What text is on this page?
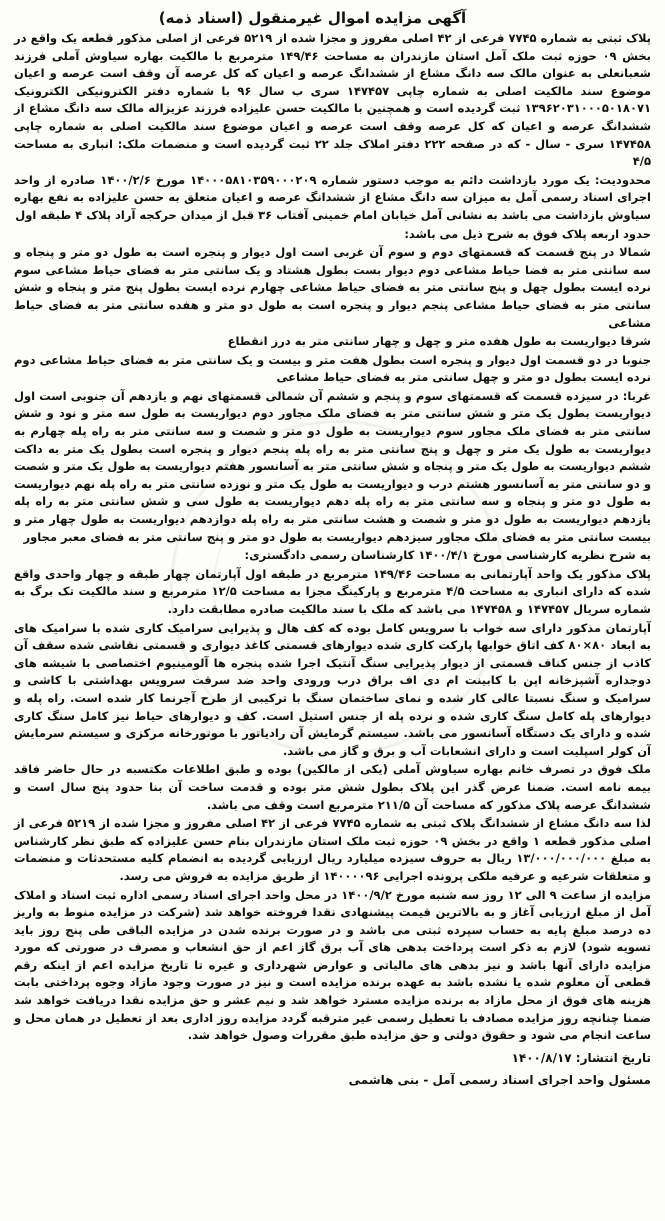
آگهی مزایده اموال غیرمنقول (اسناد ذمه)

پلاک ثبتی به شماره ۷۷۴۵ فرعی از ۴۲ اصلی مفروز و مجزا شده از ۵۲۱۹ فرعی از اصلی مذکور قطعه یک واقع در بخش ۰۹ حوزه ثبت ملک آمل استان مازندران به مساحت ۱۴۹/۴۶ مترمربع با مالکیت بهاره سیاوش آملی فرزند شعبانعلی به عنوان مالک سه دانگ مشاع از ششدانگ عرصه و اعیان که کل عرصه آن وقف است عرصه و اعیان موضوع سند مالکیت اصلی به شماره چاپی ۱۴۷۴۵۷ سری ب سال ۹۶ با شماره دفتر الکترونیکی الکترونیک ۱۳۹۶۲۰۳۱۰۰۰۵۰۱۸۰۷۱ ثبت گردیده است و همچنین با مالکیت حسن علیزاده فرزند عزیزاله مالک سه دانگ مشاع از ششدانگ عرصه و اعیان که کل عرصه وقف است عرصه و اعیان موضوع سند مالکیت اصلی به شماره چاپی ۱۴۷۴۵۸ سری - سال - که در صفحه ۲۲۲ دفتر املاک جلد ۲۲ ثبت گردیده است و منضمات ملک: انباری به مساحت ۴/۵

محدودیت: یک مورد بازداشت دائم به موجب دستور شماره ۱۴۰۰۰۵۸۱۰۳۵۹۰۰۰۲۰۹ مورخ ۱۴۰۰/۲/۶ صادره از واحد اجرای اسناد رسمی آمل به میزان سه دانگ مشاع از ششدانگ عرصه و اعیان متعلق به حسن علیزاده به نفع بهاره سیاوش بازداشت می باشد به نشانی آمل خیابان امام خمینی آفتاب ۳۶ قبل از میدان حرکجه آراد پلاک ۴ طبقه اول

حدود اربعه پلاک فوق به شرح ذیل می باشد:

شمالا در پنج قسمت که قسمتهای دوم و سوم آن غربی است اول دیوار و پنجره است به طول دو متر و پنجاه و سه سانتی متر به فضا حیاط مشاعی دوم دیوار بست بطول هشتاد و یک سانتی متر به فضای حیاط مشاعی سوم نرده ایست بطول چهل و پنج سانتی متر به فضای حیاط مشاعی چهارم نرده ایست بطول پنج متر و پنجاه و شش سانتی متر به فضای حیاط مشاعی پنجم دیوار و پنجره است به طول دو متر و هفده سانتی متر به فضای حیاط مشاعی

شرقا دیواریست به طول هفده متر و چهل و چهار سانتی متر به درز انقطاع

جنوبا در دو قسمت اول دیوار و پنجره است بطول هفت متر و بیست و یک سانتی متر به فضای حیاط مشاعی دوم نرده ایست بطول دو متر و چهل سانتی متر به فضای حیاط مشاعی

غربا: در سیزده قسمت که قسمتهای سوم و پنجم و ششم آن شمالی قسمتهای نهم و یازدهم آن جنوبی است اول دیواریست بطول یک متر و شش سانتی متر به فضای ملک مجاور دوم دیواریست به طول سه متر و نود و شش سانتی متر به فضای ملک مجاور سوم دیواریست به طول دو متر و شصت و سه سانتی متر به راه پله چهارم به دیواریست به طول یک متر و چهل و پنج سانتی متر به راه پله پنجم دیوار و پنجره است بطول یک متر به داکت ششم دیواریست به طول یک متر و پنجاه و شش سانتی متر به آسانسور هفتم دیواریست به طول یک متر و شصت و دو سانتی متر به آسانسور هشتم درب و دیواریست به طول یک متر و نوزده سانتی متر به راه پله نهم دیواریست به طول دو متر و پنجاه و سه سانتی متر به راه پله دهم دیواریست به طول سی و شش سانتی متر به راه پله یازدهم دیواریست به طول دو متر و شصت و هشت سانتی متر به راه پله دوازدهم دیواریست به طول چهار متر و بیست سانتی متر به فضای ملک مجاور سیزدهم دیواریست به طول دو متر و پنج سانتی متر به فضای معبر مجاور

به شرح نظریه کارشناسی مورخ ۱۴۰۰/۴/۱ کارشناسان رسمی دادگستری:

پلاک مذکور یک واحد آپارتمانی به مساحت ۱۴۹/۴۶ مترمربع در طبقه اول آپارتمان چهار طبقه و چهار واحدی واقع شده که دارای انباری به مساحت ۴/۵ مترمربع و پارکینگ مجزا به مساحت ۱۲/۵ مترمربع و سند مالکیت تک برگ به شماره سریال ۱۴۷۴۵۷ و ۱۴۷۴۵۸ می باشد که ملک با سند مالکیت صادره مطابقت دارد.

آپارتمان مذکور دارای سه خواب با سرویس کامل بوده که کف هال و پذیرایی سرامیک کاری شده با سرامیک های به ابعاد ۸۰×۸۰ کف اتاق خوابها پارکت کاری شده دیوارهای قسمتی کاغذ دیواری و قسمتی نقاشی شده سقف آن کاذب از جنس کناف قسمتی از دیوار پذیرایی سنگ آنتیک اجرا شده پنجره ها آلومینیوم اختصاصی با شیشه های دوجداره آشپزخانه اپن با کابینت ام دی اف براق درب ورودی واحد ضد سرقت سرویس بهداشتی با کاشی و سرامیک و سنگ نسبتا عالی کار شده و نمای ساختمان سنگ با ترکیبی از طرح آجرنما کار شده است. راه پله و دیوارهای پله کامل سنگ کاری شده و نرده پله از جنس استیل است. کف و دیوارهای حیاط نیز کامل سنگ کاری شده و دارای یک دستگاه آسانسور می باشد. سیستم گرمایش آن رادیاتور با موتورخانه مرکزی و سیستم سرمایش آن کولر اسپلیت است و دارای انشعابات آب و برق و گاز می باشد.

ملک فوق در تصرف خانم بهاره سیاوش آملی (یکی از مالکین) بوده و طبق اطلاعات مکتسبه در حال حاضر فاقد بیمه نامه است. ضمنا عرض گذر این پلاک بطول شش متر بوده و قدمت ساخت آن بنا حدود پنج سال است و ششدانگ عرصه پلاک مذکور که مساحت آن ۲۱۱/۵ مترمربع است وقف می باشد.

لذا سه دانگ مشاع از ششدانگ پلاک ثبتی به شماره ۷۷۴۵ فرعی از ۴۲ اصلی مفروز و مجزا شده از ۵۲۱۹ فرعی از اصلی مذکور قطعه ۱ واقع در بخش ۰۹ حوزه ثبت ملک استان مازندران بنام حسن علیزاده که طبق نظر کارشناس به مبلغ ۱۳/۰۰۰/۰۰۰/۰۰۰ ریال به حروف سیزده میلیارد ریال ارزیابی گردیده به انضمام کلیه مستحدثات و منضمات و متعلقات شرعیه و عرفیه ملکی پرونده اجرایی ۱۴۰۰۰۰۹۶ از طریق مزایده به فروش می رسد.

مزایده از ساعت ۹ الی ۱۲ روز سه شنبه مورخ ۱۴۰۰/۹/۲ در محل واحد اجرای اسناد رسمی اداره ثبت اسناد و املاک آمل از مبلغ ارزیابی آغاز و به بالاترین قیمت پیشنهادی نقدا فروخته خواهد شد (شرکت در مزایده منوط به واریز ده درصد مبلغ پایه به حساب سپرده ثبتی می باشد و در صورت برنده شدن در مزایده الباقی طی پنج روز باید تسویه شود) لازم به ذکر است پرداخت بدهی های آب برق گاز اعم از حق انشعاب و مصرف در صورتی که مورد مزایده دارای آنها باشد و نیز بدهی های مالیاتی و عوارض شهرداری و غیره تا تاریخ مزایده اعم از اینکه رقم قطعی آن معلوم شده یا نشده باشد به عهده برنده مزایده است و نیز در صورت وجود مازاد وجوه پرداختی بابت هزینه های فوق از محل مازاد به برنده مزایده مسترد خواهد شد و نیم عشر و حق مزایده نقدا دریافت خواهد شد ضمنا چنانچه روز مزایده مصادف با تعطیل رسمی غیر مترقبه گردد مزایده روز اداری بعد از تعطیل در همان محل و ساعت انجام می شود و حقوق دولتی و حق مزایده طبق مقررات وصول خواهد شد.

تاریخ انتشار: ۱۴۰۰/۸/۱۷
مسئول واحد اجرای اسناد رسمی آمل - بنی هاشمی
